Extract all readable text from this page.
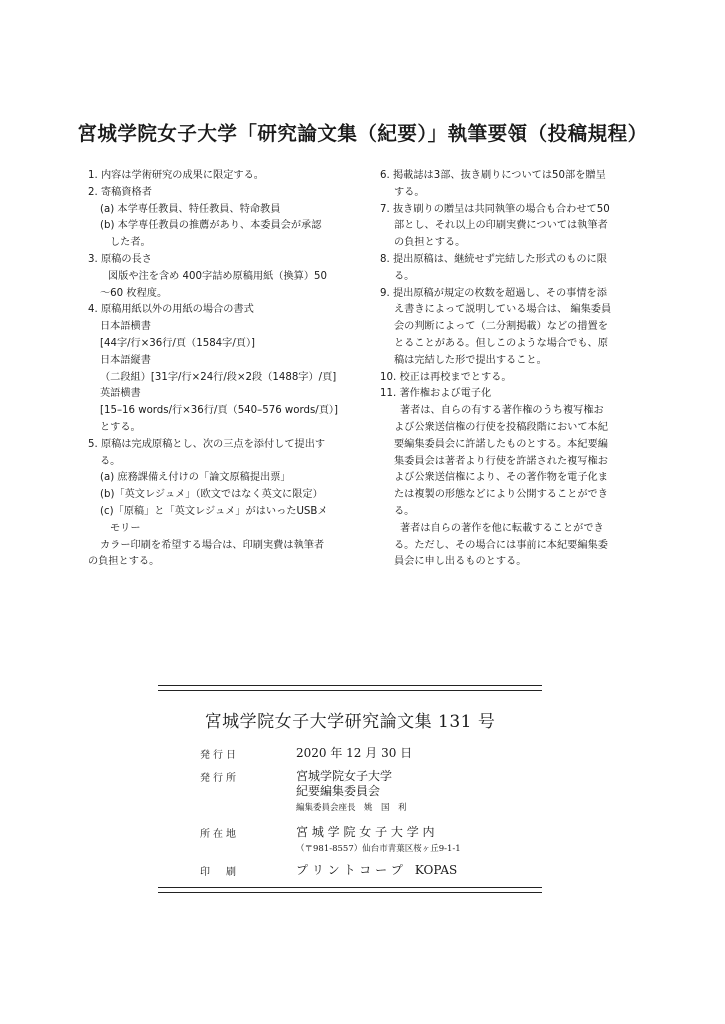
宮城学院女子大学「研究論文集（紀要）」執筆要領（投稿規程）
1. 内容は学術研究の成果に限定する。
2. 寄稿資格者
(a) 本学専任教員、特任教員、特命教員
(b) 本学専任教員の推薦があり、本委員会が承認
した者。
3. 原稿の長さ
図版や注を含め 400字詰め原稿用紙（換算）50
～60 枚程度。
4. 原稿用紙以外の用紙の場合の書式
日本語横書
[44字/行×36行/頁（1584字/頁）]
日本語縦書
（二段組）[31字/行×24行/段×2段（1488字）/頁]
英語横書
[15–16 words/行×36行/頁（540–576 words/頁）]
とする。
5. 原稿は完成原稿とし、次の三点を添付して提出す
る。
(a) 庶務課備え付けの「論文原稿提出票」
(b)「英文レジュメ」（欧文ではなく英文に限定）
(c)「原稿」と「英文レジュメ」がはいったUSBメ
モリー
カラー印刷を希望する場合は、印刷実費は執筆者
の負担とする。
6. 掲載誌は3部、抜き刷りについては50部を贈呈
する。
7. 抜き刷りの贈呈は共同執筆の場合も合わせて50
部とし、それ以上の印刷実費については執筆者
の負担とする。
8. 提出原稿は、継続せず完結した形式のものに限
る。
9. 提出原稿が規定の枚数を超過し、その事情を添
え書きによって説明している場合は、 編集委員
会の判断によって（二分割掲載）などの措置を
とることがある。但しこのような場合でも、原
稿は完結した形で提出すること。
10. 校正は再校までとする。
11. 著作権および電子化
著者は、自らの有する著作権のうち複写権お
よび公衆送信権の行使を投稿段階において本紀
要編集委員会に許諾したものとする。本紀要編
集委員会は著者より行使を許諾された複写権お
よび公衆送信権により、その著作物を電子化ま
たは複製の形態などにより公開することができ
る。
著者は自らの著作を他に転載することができ
る。ただし、その場合には事前に本紀要編集委
員会に申し出るものとする。
宮城学院女子大学研究論文集 131 号
発行日	2020 年 12 月 30 日
発行所	宮城学院女子大学
紀要編集委員会
編集委員会座長　姚　国　利
所在地	宮 城 学 院 女 子 大 学 内
（〒981-8557）仙台市青葉区桜ヶ丘9-1-1
印　刷	プ リ ン ト コ ー プ　KOPAS
